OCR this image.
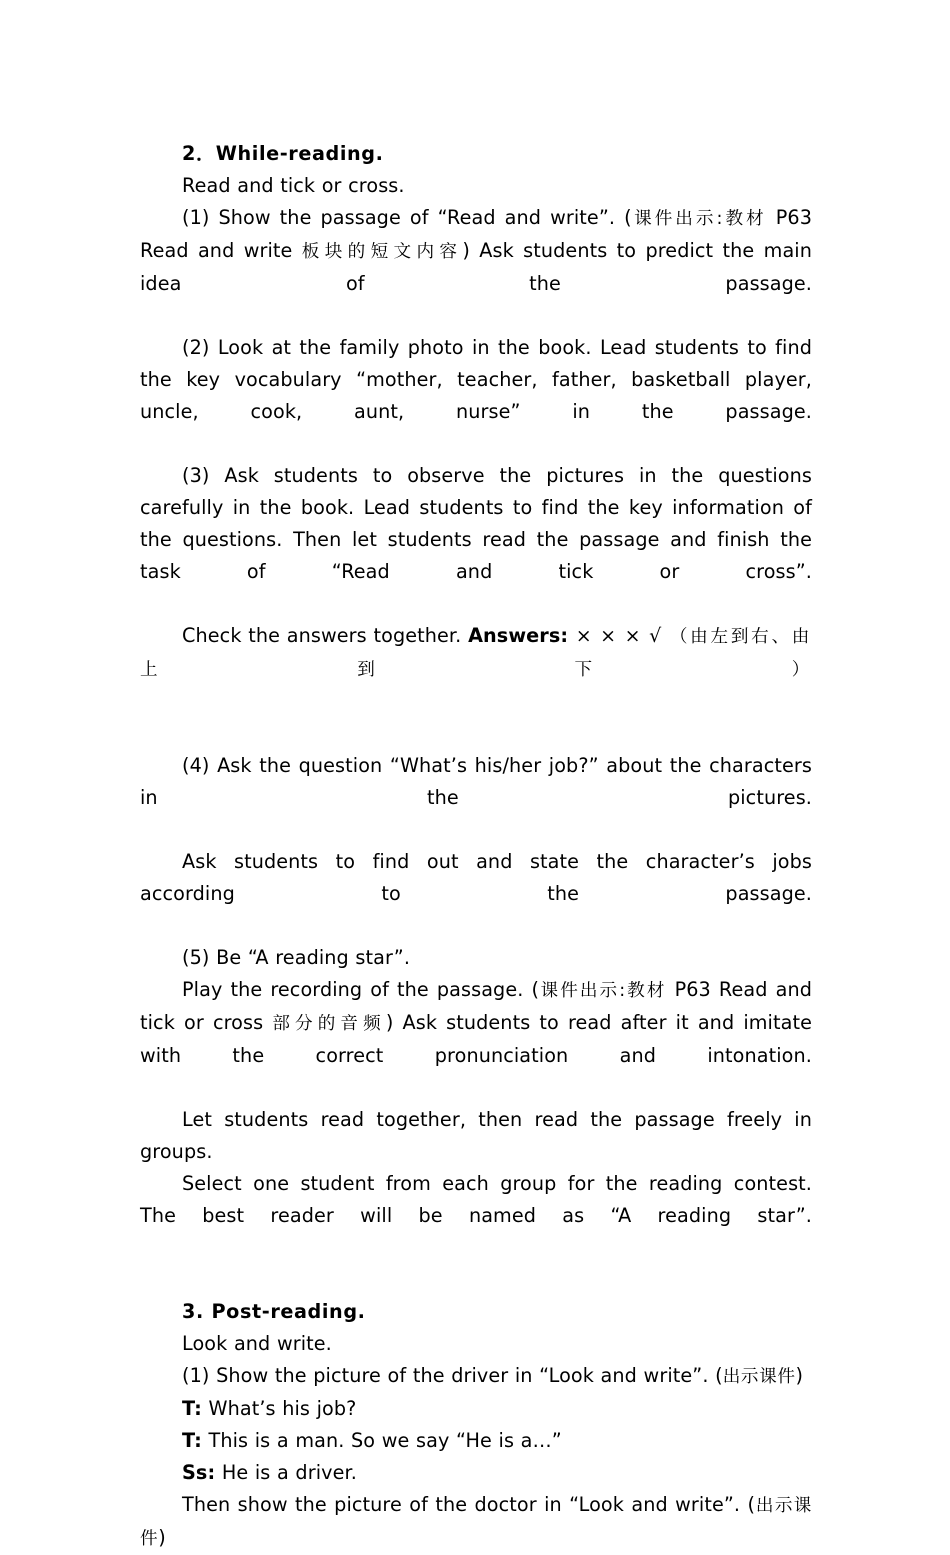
2．While-reading.

Read and tick or cross.

(1) Show the passage of “Read and write”. (课件出示:教材 P63 Read and write 板块的短文内容) Ask students to predict the main idea of the passage.

(2) Look at the family photo in the book. Lead students to find the key vocabulary “mother, teacher, father, basketball player, uncle, cook, aunt, nurse” in the passage.

(3) Ask students to observe the pictures in the questions carefully in the book. Lead students to find the key information of the questions. Then let students read the passage and finish the task of “Read and tick or cross”.

Check the answers together. Answers: × × × √ （由左到右、由上到下）

(4) Ask the question “What’s his/her job?” about the characters in the pictures.

Ask students to find out and state the character’s jobs according to the passage.

(5) Be “A reading star”.

Play the recording of the passage. (课件出示:教材 P63 Read and tick or cross 部分的音频) Ask students to read after it and imitate with the correct pronunciation and intonation.

Let students read together, then read the passage freely in groups.

Select one student from each group for the reading contest. The best reader will be named as “A reading star”.

3. Post-reading.

Look and write.

(1) Show the picture of the driver in “Look and write”. (出示课件)

T: What’s his job?

T: This is a man. So we say “He is a…”

Ss: He is a driver.

Then show the picture of the doctor in “Look and write”. (出示课件)
